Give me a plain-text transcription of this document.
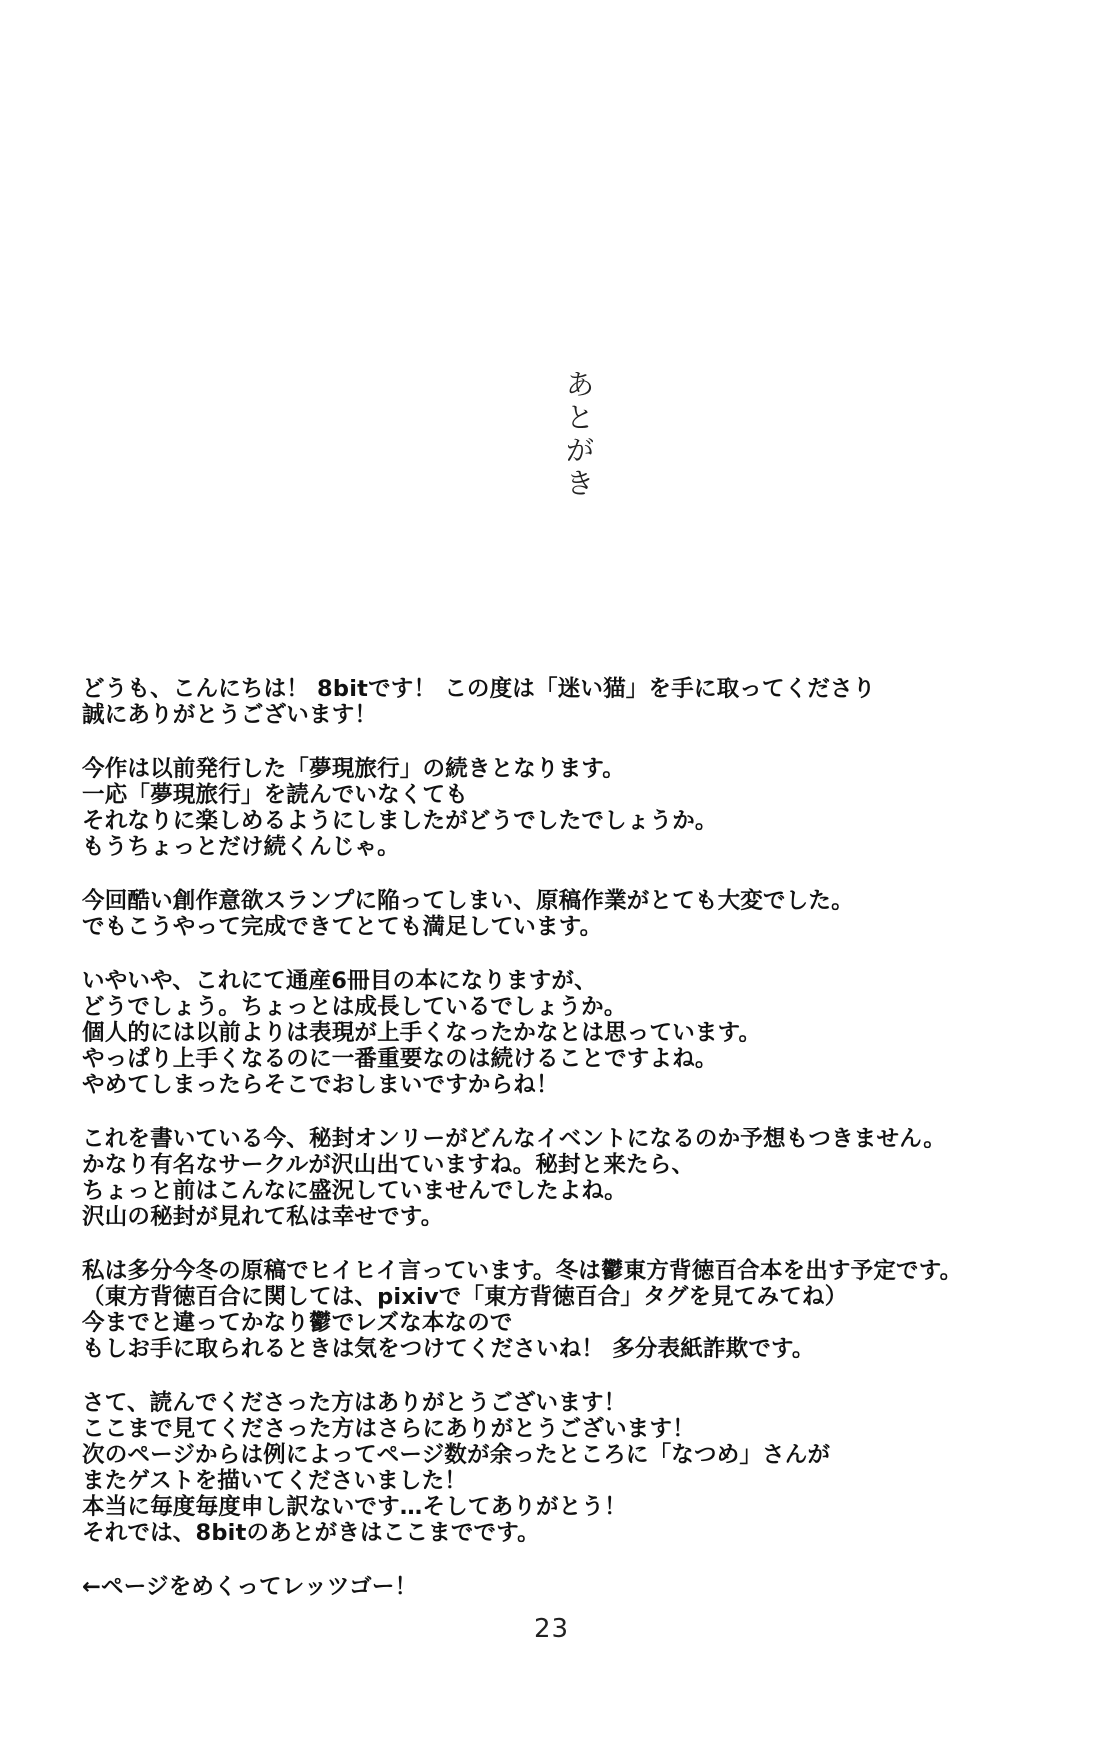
あ
と
が
き
どうも、こんにちは！ 8bitです！ この度は「迷い猫」を手に取ってくださり
誠にありがとうございます！
今作は以前発行した「夢現旅行」の続きとなります。
一応「夢現旅行」を読んでいなくても
それなりに楽しめるようにしましたがどうでしたでしょうか。
もうちょっとだけ続くんじゃ。
今回酷い創作意欲スランプに陥ってしまい、原稿作業がとても大変でした。
でもこうやって完成できてとても満足しています。
いやいや、これにて通産6冊目の本になりますが、
どうでしょう。ちょっとは成長しているでしょうか。
個人的には以前よりは表現が上手くなったかなとは思っています。
やっぱり上手くなるのに一番重要なのは続けることですよね。
やめてしまったらそこでおしまいですからね！
これを書いている今、秘封オンリーがどんなイベントになるのか予想もつきません。
かなり有名なサークルが沢山出ていますね。秘封と来たら、
ちょっと前はこんなに盛況していませんでしたよね。
沢山の秘封が見れて私は幸せです。
私は多分今冬の原稿でヒイヒイ言っています。冬は鬱東方背徳百合本を出す予定です。
（東方背徳百合に関しては、pixivで「東方背徳百合」タグを見てみてね）
今までと違ってかなり鬱でレズな本なので
もしお手に取られるときは気をつけてくださいね！ 多分表紙詐欺です。
さて、読んでくださった方はありがとうございます！
ここまで見てくださった方はさらにありがとうございます！
次のページからは例によってページ数が余ったところに「なつめ」さんが
またゲストを描いてくださいました！
本当に毎度毎度申し訳ないです…そしてありがとう！
それでは、8bitのあとがきはここまでです。
←ページをめくってレッツゴー！
23
